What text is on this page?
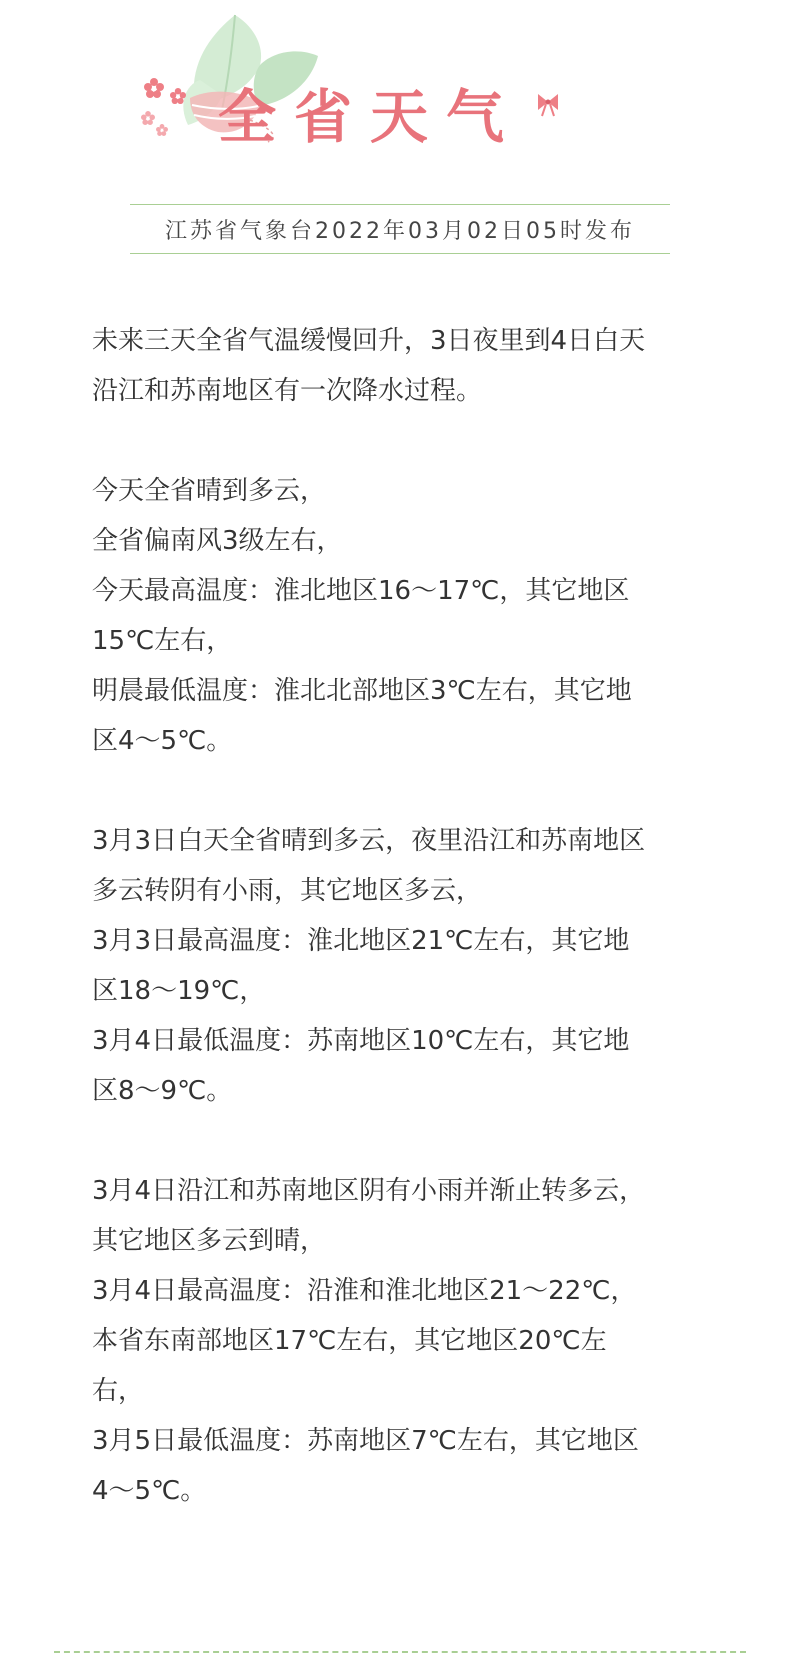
全省天气
江苏省气象台2022年03月02日05时发布
未来三天全省气温缓慢回升，3日夜里到4日白天
沿江和苏南地区有一次降水过程。
今天全省晴到多云，
全省偏南风3级左右，
今天最高温度：淮北地区16～17℃，其它地区
15℃左右，
明晨最低温度：淮北北部地区3℃左右，其它地
区4～5℃。
3月3日白天全省晴到多云，夜里沿江和苏南地区
多云转阴有小雨，其它地区多云，
3月3日最高温度：淮北地区21℃左右，其它地
区18～19℃，
3月4日最低温度：苏南地区10℃左右，其它地
区8～9℃。
3月4日沿江和苏南地区阴有小雨并渐止转多云，
其它地区多云到晴，
3月4日最高温度：沿淮和淮北地区21～22℃，
本省东南部地区17℃左右，其它地区20℃左
右，
3月5日最低温度：苏南地区7℃左右，其它地区
4～5℃。
